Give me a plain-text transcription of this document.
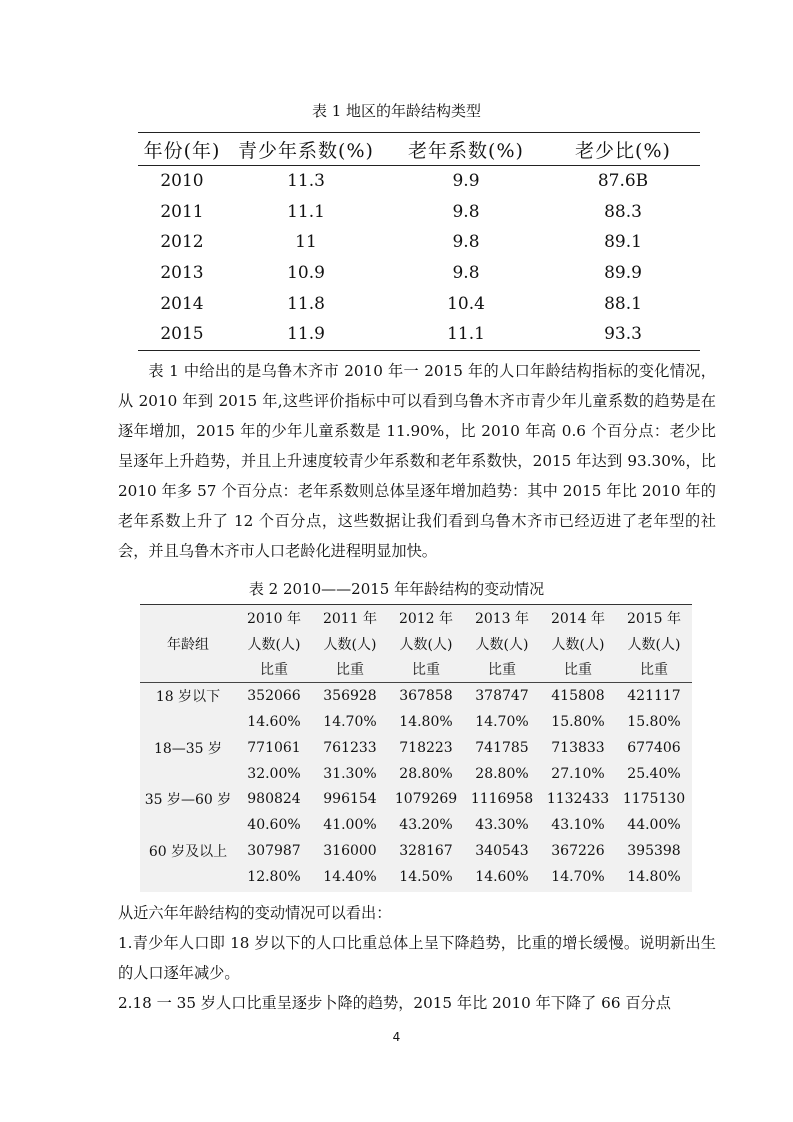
表 1 地区的年龄结构类型
年份(年)	青少年系数(%)	老年系数(%)	老少比(%)
2010	11.3	9.9	87.6B
2011	11.1	9.8	88.3
2012	11	9.8	89.1
2013	10.9	9.8	89.9
2014	11.8	10.4	88.1
2015	11.9	11.1	93.3

表 1 中给出的是乌鲁木齐市 2010 年一 2015 年的人口年龄结构指标的变化情况，从 2010 年到 2015 年,这些评价指标中可以看到乌鲁木齐市青少年儿童系数的趋势是在逐年增加，2015 年的少年儿童系数是 11.90%，比 2010 年高 0.6 个百分点：老少比呈逐年上升趋势，并且上升速度较青少年系数和老年系数快，2015 年达到 93.30%，比 2010 年多 57 个百分点：老年系数则总体呈逐年增加趋势：其中 2015 年比 2010 年的老年系数上升了 12 个百分点，这些数据让我们看到乌鲁木齐市已经迈进了老年型的社会，并且乌鲁木齐市人口老龄化进程明显加快。

表 2 2010——2015 年年龄结构的变动情况
	2010 年	2011 年	2012 年	2013 年	2014 年	2015 年
年龄组	人数(人)	人数(人)	人数(人)	人数(人)	人数(人)	人数(人)
	比重	比重	比重	比重	比重	比重
18 岁以下	352066	356928	367858	378747	415808	421117
	14.60%	14.70%	14.80%	14.70%	15.80%	15.80%
18—35 岁	771061	761233	718223	741785	713833	677406
	32.00%	31.30%	28.80%	28.80%	27.10%	25.40%
35 岁—60 岁	980824	996154	1079269	1116958	1132433	1175130
	40.60%	41.00%	43.20%	43.30%	43.10%	44.00%
60 岁及以上	307987	316000	328167	340543	367226	395398
	12.80%	14.40%	14.50%	14.60%	14.70%	14.80%

从近六年年龄结构的变动情况可以看出：

1.青少年人口即 18 岁以下的人口比重总体上呈下降趋势，比重的增长缓慢。说明新出生的人口逐年减少。

2.18 一 35 岁人口比重呈逐步卜降的趋势，2015 年比 2010 年下降了 66 百分点

4
